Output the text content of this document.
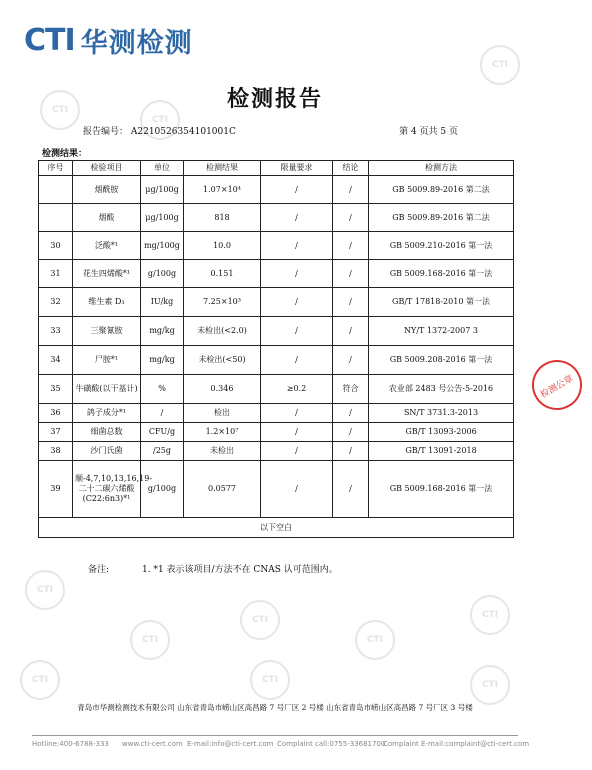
CTI
CTI
CTI
CTI
CTI
CTI
CTI
CTI
CTI	CTI	CTI
CTI 华测检测
检测报告
报告编号： A2210526354101001C	第 4 页共 5 页
检测结果：
序号	检验项目	单位	检测结果	限量要求	结论	检测方法
	烟酰胺	μg/100g	1.07×10⁴	/	/	GB 5009.89-2016 第二法
	烟酸	μg/100g	818	/	/	GB 5009.89-2016 第二法
30	泛酸*¹	mg/100g	10.0	/	/	GB 5009.210-2016 第一法
31	花生四烯酸*¹	g/100g	0.151	/	/	GB 5009.168-2016 第一法
32	维生素 D₃	IU/kg	7.25×10³	/	/	GB/T 17818-2010 第一法
33	三聚氰胺	mg/kg	未检出(<2.0)	/	/	NY/T 1372-2007 3
34	尸胺*¹	mg/kg	未检出(<50)	/	/	GB 5009.208-2016 第一法
35	牛磺酸(以干基计)	%	0.346	≥0.2	符合	农业部 2483 号公告-5-2016
36	鸽子成分*¹	/	检出	/	/	SN/T 3731.3-2013
37	细菌总数	CFU/g	1.2×10⁷	/	/	GB/T 13093-2006
38	沙门氏菌	/25g	未检出	/	/	GB/T 13091-2018
39	顺-4,7,10,13,16,19-二十二碳六烯酸(C22:6n3)*¹	g/100g	0.0577	/	/	GB 5009.168-2016 第一法
以下空白						
检测公章
备注:	1. *1 表示该项目/方法不在 CNAS 认可范围内。
青岛市华测检测技术有限公司 山东省青岛市崂山区高昌路 7 号厂区 2 号楼 山东省青岛市崂山区高昌路 7 号厂区 3 号楼
Hotline:400-6788-333 www.cti-cert.com E-mail:info@cti-cert.com Complaint call:0755-33681700
Complaint E-mail:complaint@cti-cert.com
